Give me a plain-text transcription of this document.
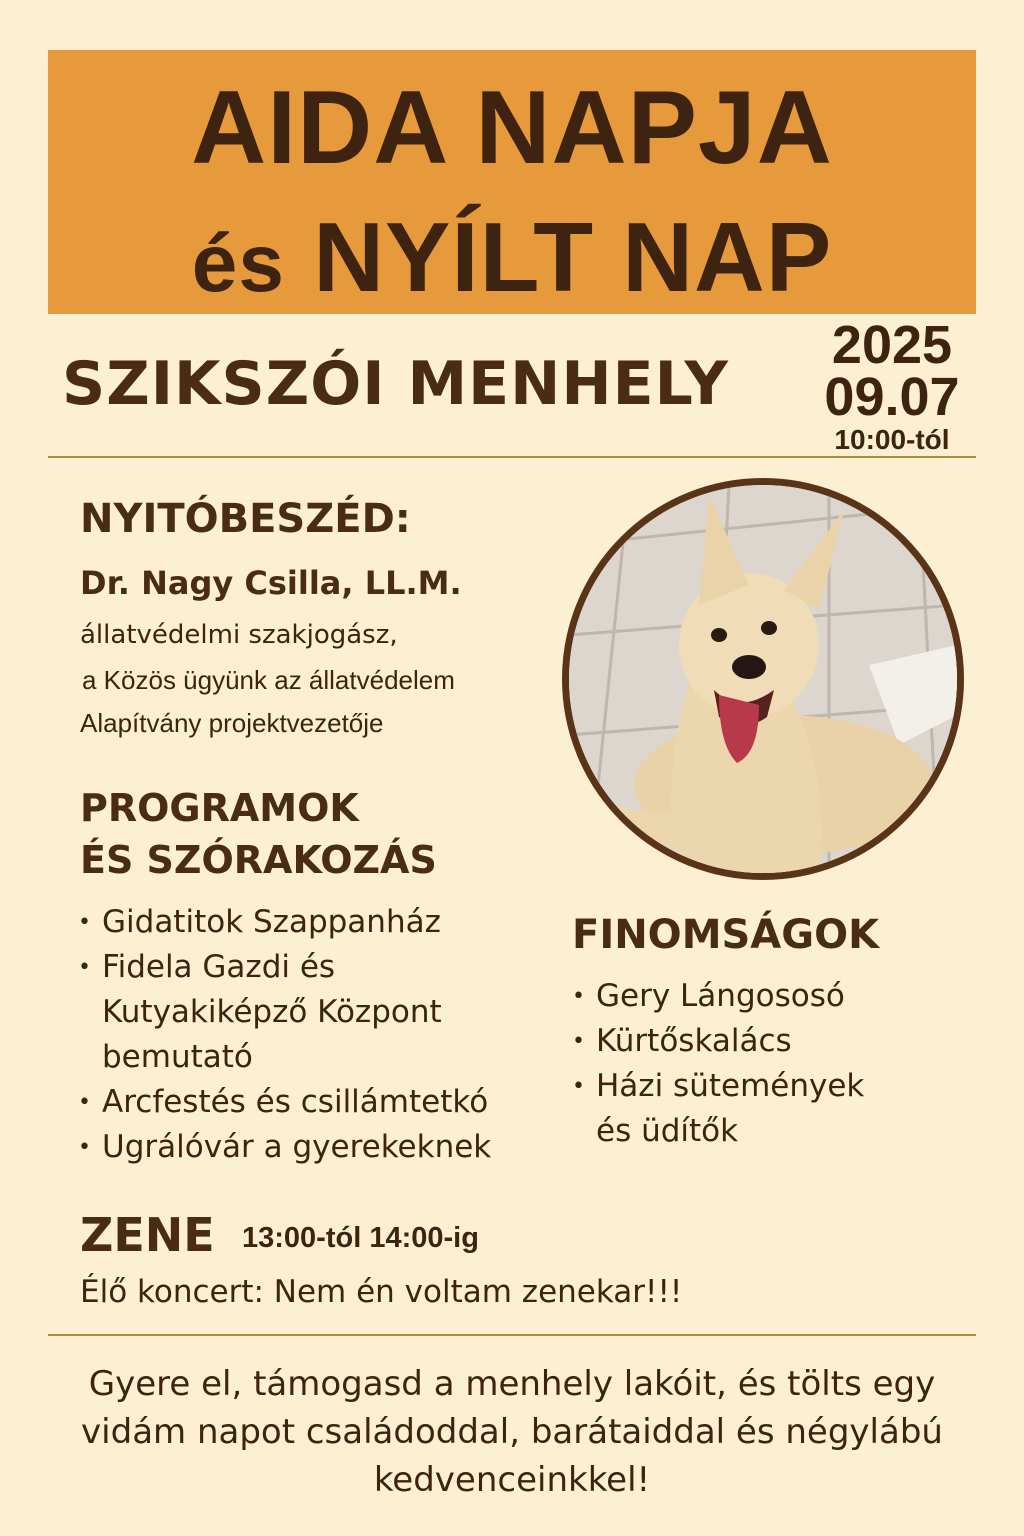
AIDA NAPJA
és NYÍLT NAP
SZIKSZÓI MENHELY
2025
09.07
10:00-tól
NYITÓBESZÉD:
Dr. Nagy Csilla, LL.M.
állatvédelmi szakjogász,
a Közös ügyünk az állatvédelem
Alapítvány projektvezetője
PROGRAMOK
ÉS SZÓRAKOZÁS
• Gidatitok Szappanház
• Fidela Gazdi és Kutyakiképző Központ bemutató
• Arcfestés és csillámtetkó
• Ugrálóvár a gyerekeknek
FINOMSÁGOK
• Gery Lángososó
• Kürtőskalács
• Házi sütemények és üdítők
ZENE 13:00-tól 14:00-ig
Élő koncert: Nem én voltam zenekar!!!
Gyere el, támogasd a menhely lakóit, és tölts egy vidám napot családoddal, barátaiddal és négylábú kedvenceinkkel!
